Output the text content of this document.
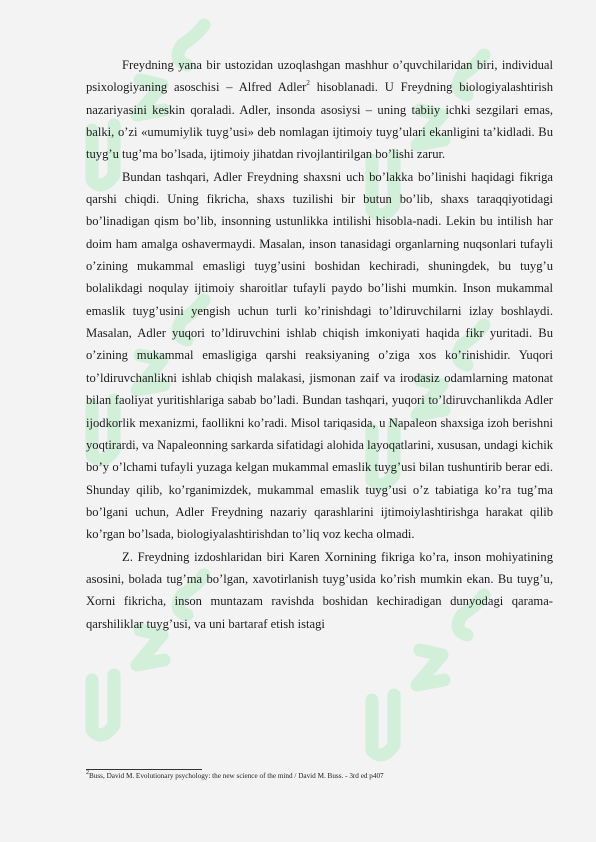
Freydning yana bir ustozidan uzoqlashgan mashhur o’quvchilaridan biri, individual psixologiyaning asoschisi – Alfred Adler$^2$ hisoblanadi. U Freydning biologiyalashtirish nazariyasini keskin qoraladi. Adler, insonda asosiysi – uning tabiiy ichki sezgilari emas, balki, o’zi «umumiylik tuyg’usi» deb nomlagan ijtimoiy tuyg’ulari ekanligini ta’kidladi. Bu tuyg’u tug’ma bo’lsada, ijtimoiy jihatdan rivojlantirilgan bo’lishi zarur.

Bundan tashqari, Adler Freydning shaxsni uch bo’lakka bo’linishi haqidagi fikriga qarshi chiqdi. Uning fikricha, shaxs tuzilishi bir butun bo’lib, shaxs taraqqiyotidagi bo’linadigan qism bo’lib, insonning ustunlikka intilishi hisobla-nadi. Lekin bu intilish har doim ham amalga oshavermaydi. Masalan, inson tanasidagi organlarning nuqsonlari tufayli o’zining mukammal emasligi tuyg’usini boshidan kechiradi, shuningdek, bu tuyg’u bolalikdagi noqulay ijtimoiy sharoitlar tufayli paydo bo’lishi mumkin. Inson mukammal emaslik tuyg’usini yengish uchun turli ko’rinishdagi to’ldiruvchilarni izlay boshlaydi. Masalan, Adler yuqori to’ldiruvchini ishlab chiqish imkoniyati haqida fikr yuritadi. Bu o’zining mukammal emasligiga qarshi reaksiyaning o’ziga xos ko’rinishidir. Yuqori to’ldiruvchanlikni ishlab chiqish malakasi, jismonan zaif va irodasiz odamlarning matonat bilan faoliyat yuritishlariga sabab bo’ladi. Bundan tashqari, yuqori to’ldiruvchanlikda Adler ijodkorlik mexanizmi, faollikni ko’radi. Misol tariqasida, u Napaleon shaxsiga izoh berishni yoqtirardi, va Napaleonning sarkarda sifatidagi alohida layoqatlarini, xususan, undagi kichik bo’y o’lchami tufayli yuzaga kelgan mukammal emaslik tuyg’usi bilan tushuntirib berar edi. Shunday qilib, ko’rganimizdek, mukammal emaslik tuyg’usi o’z tabiatiga ko’ra tug’ma bo’lgani uchun, Adler Freydning nazariy qarashlarini ijtimoiylashtirishga harakat qilib ko’rgan bo’lsada, biologiyalashtirishdan to’liq voz kecha olmadi.

Z. Freydning izdoshlaridan biri Karen Xornining fikriga ko’ra, inson mohiyatining asosini, bolada tug’ma bo’lgan, xavotirlanish tuyg’usida ko’rish mumkin ekan. Bu tuyg’u, Xorni fikricha, inson muntazam ravishda boshidan kechiradigan dunyodagi qarama-qarshiliklar tuyg’usi, va uni bartaraf etish istagi

$^2$Buss, David M. Evolutionary psychology: the new science of the mind / David M. Buss. - 3rd ed p407
